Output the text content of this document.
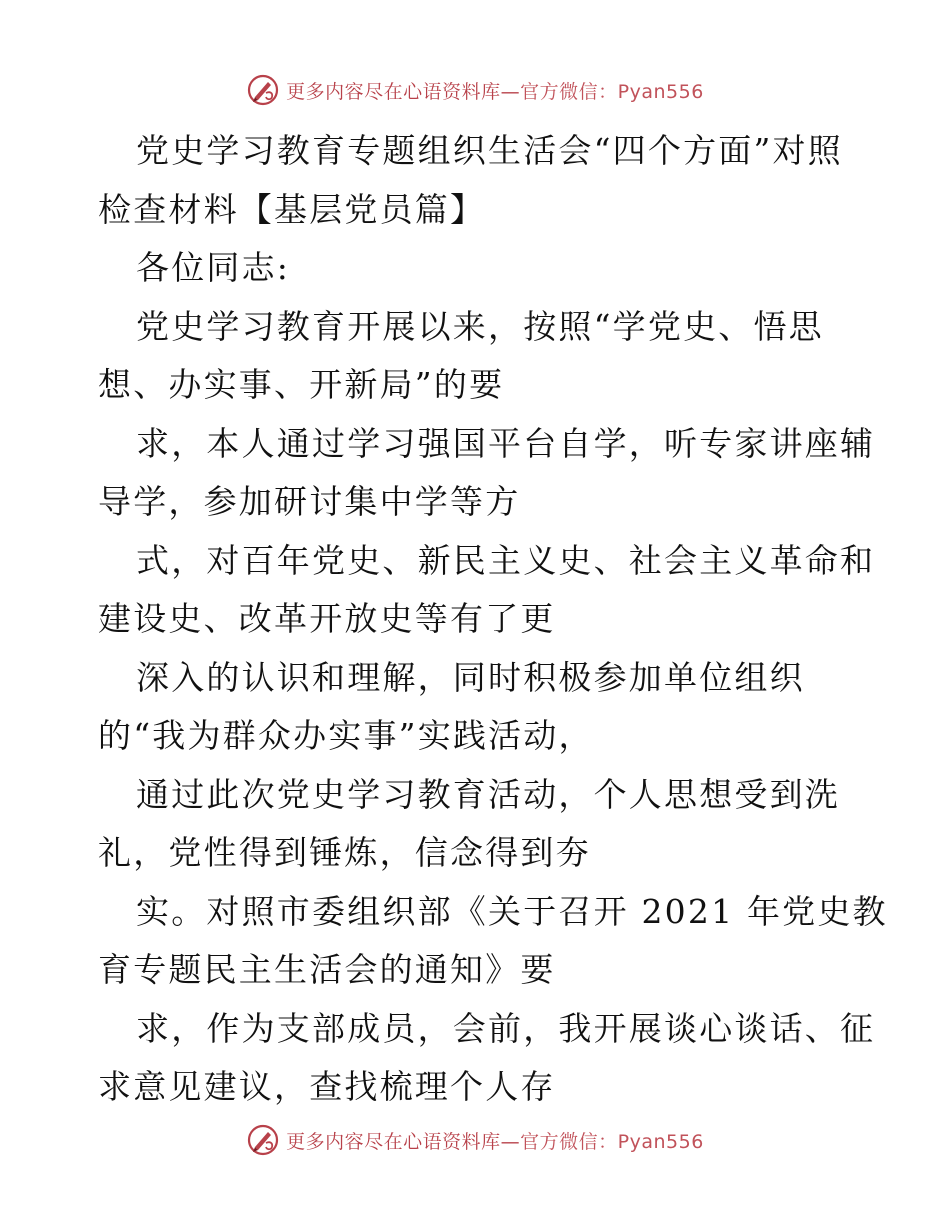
更多内容尽在心语资料库—官方微信：Pyan556
党史学习教育专题组织生活会“四个方面”对照
检查材料【基层党员篇】
各位同志:
党史学习教育开展以来，按照“学党史、悟思
想、办实事、开新局”的要
求，本人通过学习强国平台自学，听专家讲座辅
导学，参加研讨集中学等方
式，对百年党史、新民主义史、社会主义革命和
建设史、改革开放史等有了更
深入的认识和理解，同时积极参加单位组织
的“我为群众办实事”实践活动，
通过此次党史学习教育活动，个人思想受到洗
礼，党性得到锤炼，信念得到夯
实。对照市委组织部《关于召开 2021 年党史教
育专题民主生活会的通知》要
求，作为支部成员，会前，我开展谈心谈话、征
求意见建议，查找梳理个人存
更多内容尽在心语资料库—官方微信：Pyan556
